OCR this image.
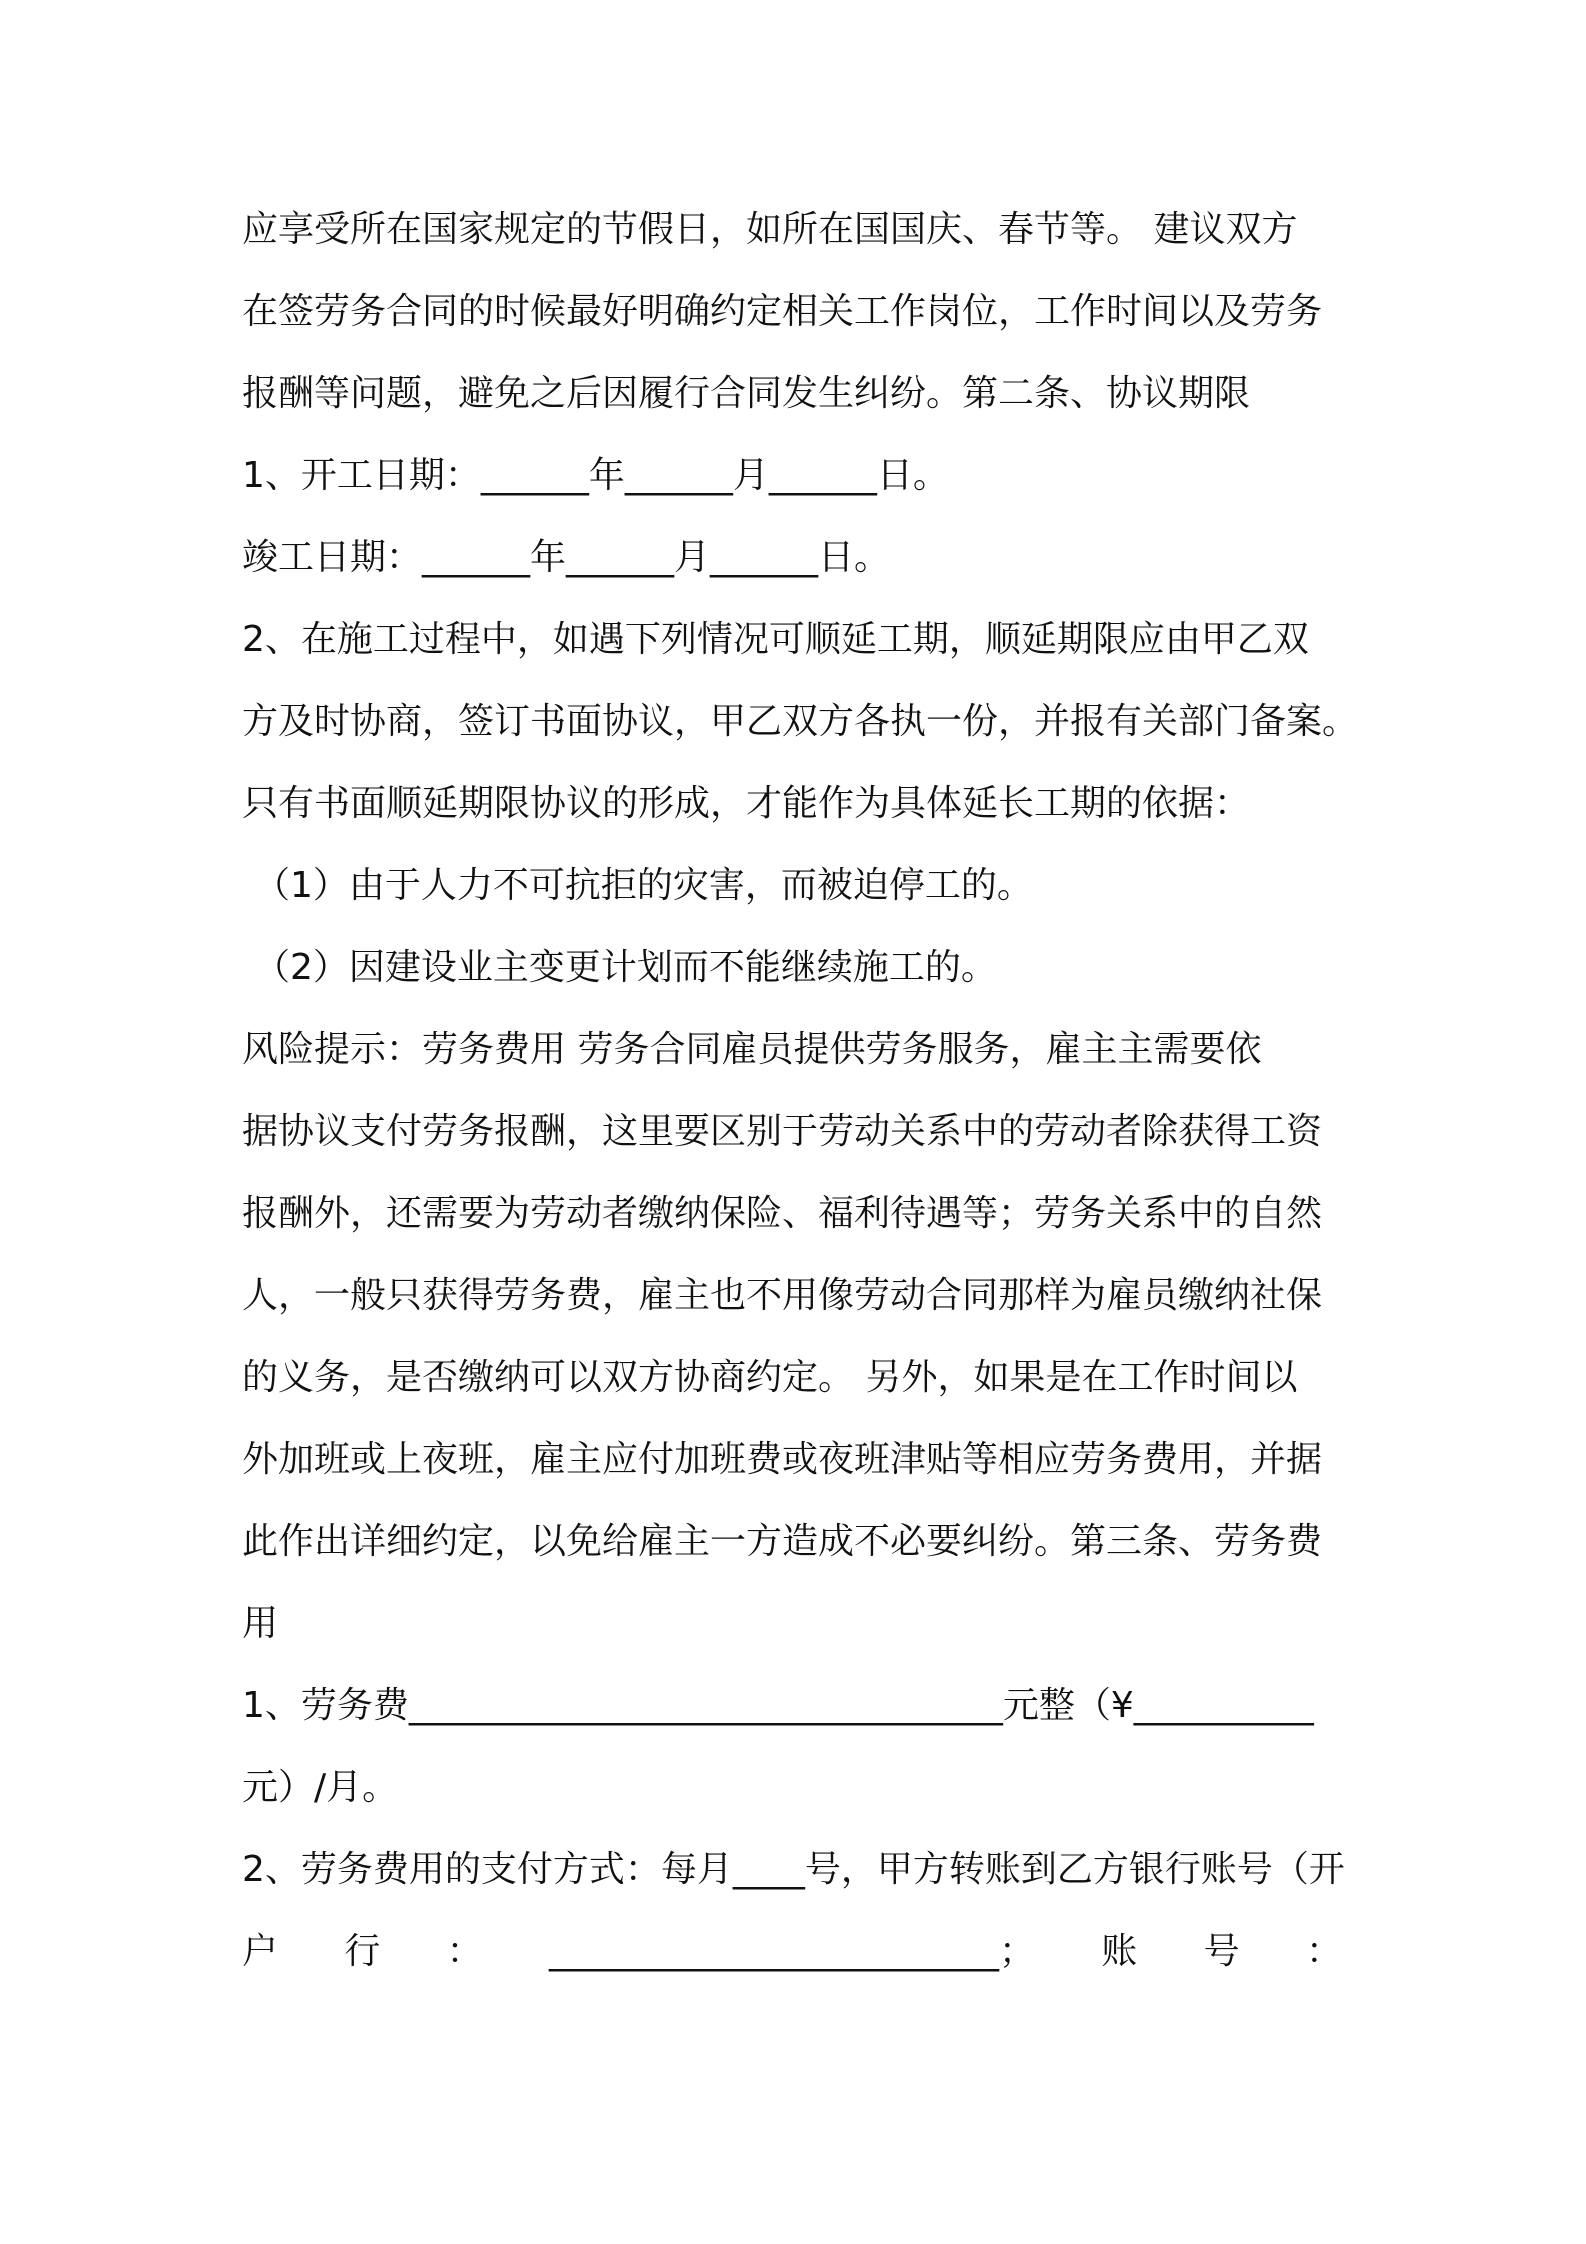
应享受所在国家规定的节假日，如所在国国庆、春节等。 建议双方
在签劳务合同的时候最好明确约定相关工作岗位，工作时间以及劳务
报酬等问题，避免之后因履行合同发生纠纷。第二条、协议期限
1、开工日期：______年______月______日。
竣工日期：______年______月______日。
2、在施工过程中，如遇下列情况可顺延工期，顺延期限应由甲乙双
方及时协商，签订书面协议，甲乙双方各执一份，并报有关部门备案。
只有书面顺延期限协议的形成，才能作为具体延长工期的依据：
（1）由于人力不可抗拒的灾害，而被迫停工的。
（2）因建设业主变更计划而不能继续施工的。
风险提示：劳务费用 劳务合同雇员提供劳务服务，雇主主需要依
据协议支付劳务报酬，这里要区别于劳动关系中的劳动者除获得工资
报酬外，还需要为劳动者缴纳保险、福利待遇等；劳务关系中的自然
人，一般只获得劳务费，雇主也不用像劳动合同那样为雇员缴纳社保
的义务，是否缴纳可以双方协商约定。 另外，如果是在工作时间以
外加班或上夜班，雇主应付加班费或夜班津贴等相应劳务费用，并据
此作出详细约定，以免给雇主一方造成不必要纠纷。第三条、劳务费
用
1、劳务费_________________________________元整（¥__________
元）/月。
2、劳务费用的支付方式：每月____号，甲方转账到乙方银行账号（开
户 行 ： _________________________； 账 号 ：
